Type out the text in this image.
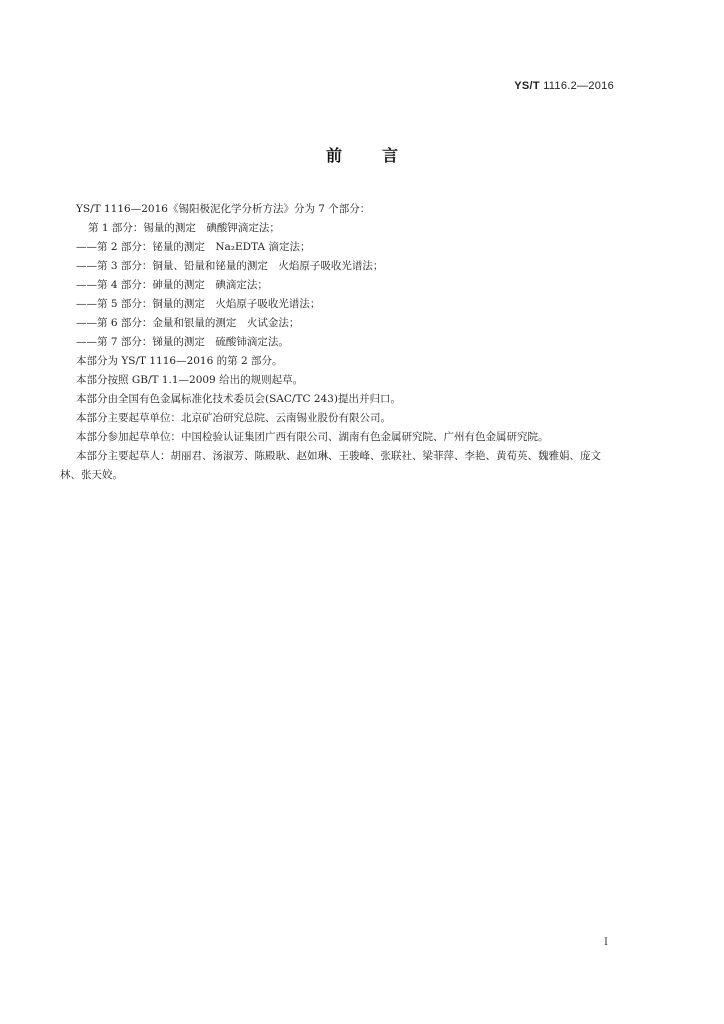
YS/T 1116.2—2016
前言

YS/T 1116—2016《锡阳极泥化学分析方法》分为 7 个部分：

第 1 部分：锡量的测定　碘酸钾滴定法；

——第 2 部分：铋量的测定　Na₂EDTA 滴定法；

——第 3 部分：铜量、铅量和铋量的测定　火焰原子吸收光谱法；

——第 4 部分：砷量的测定　碘滴定法；

——第 5 部分：铜量的测定　火焰原子吸收光谱法；

——第 6 部分：金量和银量的测定　火试金法；

——第 7 部分：锑量的测定　硫酸铈滴定法。

本部分为 YS/T 1116—2016 的第 2 部分。

本部分按照 GB/T 1.1—2009 给出的规则起草。

本部分由全国有色金属标准化技术委员会(SAC/TC 243)提出并归口。

本部分主要起草单位：北京矿冶研究总院、云南锡业股份有限公司。

本部分参加起草单位：中国检验认证集团广西有限公司、湖南有色金属研究院、广州有色金属研究院。

本部分主要起草人：胡丽君、汤淑芳、陈殿耿、赵如琳、王骏峰、张联社、梁菲萍、李艳、黄荀英、魏雅娟、庞文林、张天姣。

I
